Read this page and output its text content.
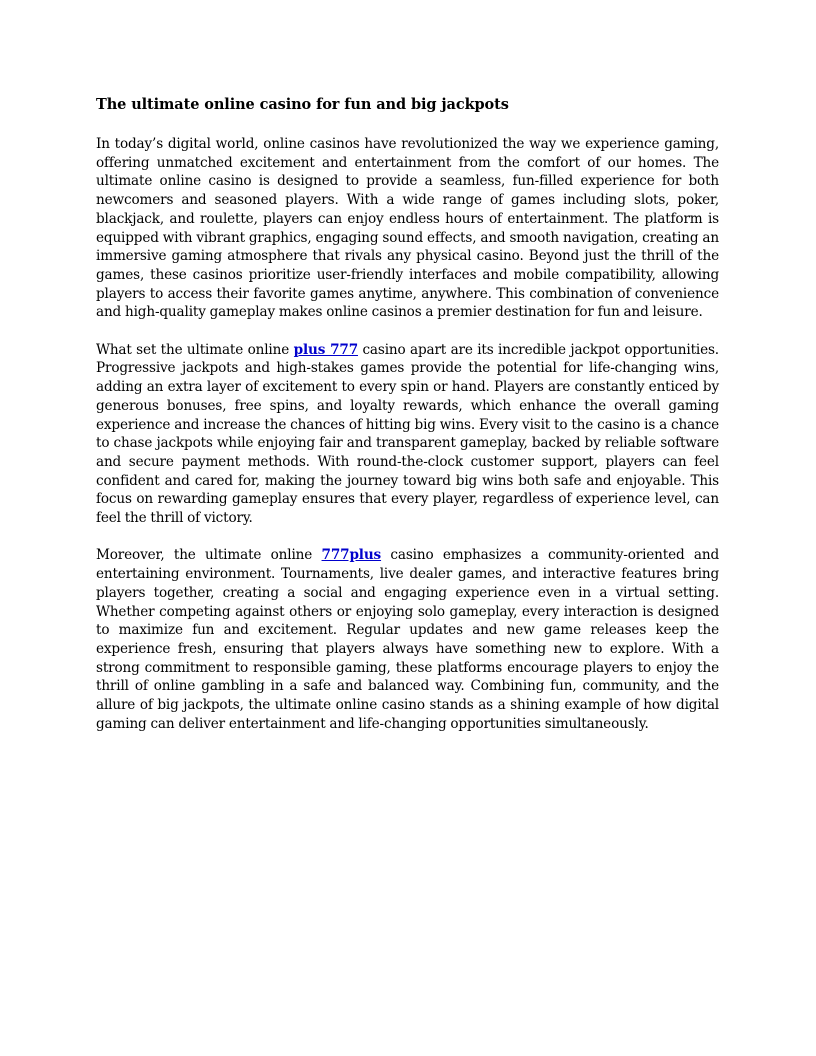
The ultimate online casino for fun and big jackpots

In today’s digital world, online casinos have revolutionized the way we experience gaming, offering unmatched excitement and entertainment from the comfort of our homes. The ultimate online casino is designed to provide a seamless, fun-filled experience for both newcomers and seasoned players. With a wide range of games including slots, poker, blackjack, and roulette, players can enjoy endless hours of entertainment. The platform is equipped with vibrant graphics, engaging sound effects, and smooth navigation, creating an immersive gaming atmosphere that rivals any physical casino. Beyond just the thrill of the games, these casinos prioritize user-friendly interfaces and mobile compatibility, allowing players to access their favorite games anytime, anywhere. This combination of convenience and high-quality gameplay makes online casinos a premier destination for fun and leisure.

What set the ultimate online plus 777 casino apart are its incredible jackpot opportunities. Progressive jackpots and high-stakes games provide the potential for life-changing wins, adding an extra layer of excitement to every spin or hand. Players are constantly enticed by generous bonuses, free spins, and loyalty rewards, which enhance the overall gaming experience and increase the chances of hitting big wins. Every visit to the casino is a chance to chase jackpots while enjoying fair and transparent gameplay, backed by reliable software and secure payment methods. With round-the-clock customer support, players can feel confident and cared for, making the journey toward big wins both safe and enjoyable. This focus on rewarding gameplay ensures that every player, regardless of experience level, can feel the thrill of victory.

Moreover, the ultimate online 777plus casino emphasizes a community-oriented and entertaining environment. Tournaments, live dealer games, and interactive features bring players together, creating a social and engaging experience even in a virtual setting. Whether competing against others or enjoying solo gameplay, every interaction is designed to maximize fun and excitement. Regular updates and new game releases keep the experience fresh, ensuring that players always have something new to explore. With a strong commitment to responsible gaming, these platforms encourage players to enjoy the thrill of online gambling in a safe and balanced way. Combining fun, community, and the allure of big jackpots, the ultimate online casino stands as a shining example of how digital gaming can deliver entertainment and life-changing opportunities simultaneously.
